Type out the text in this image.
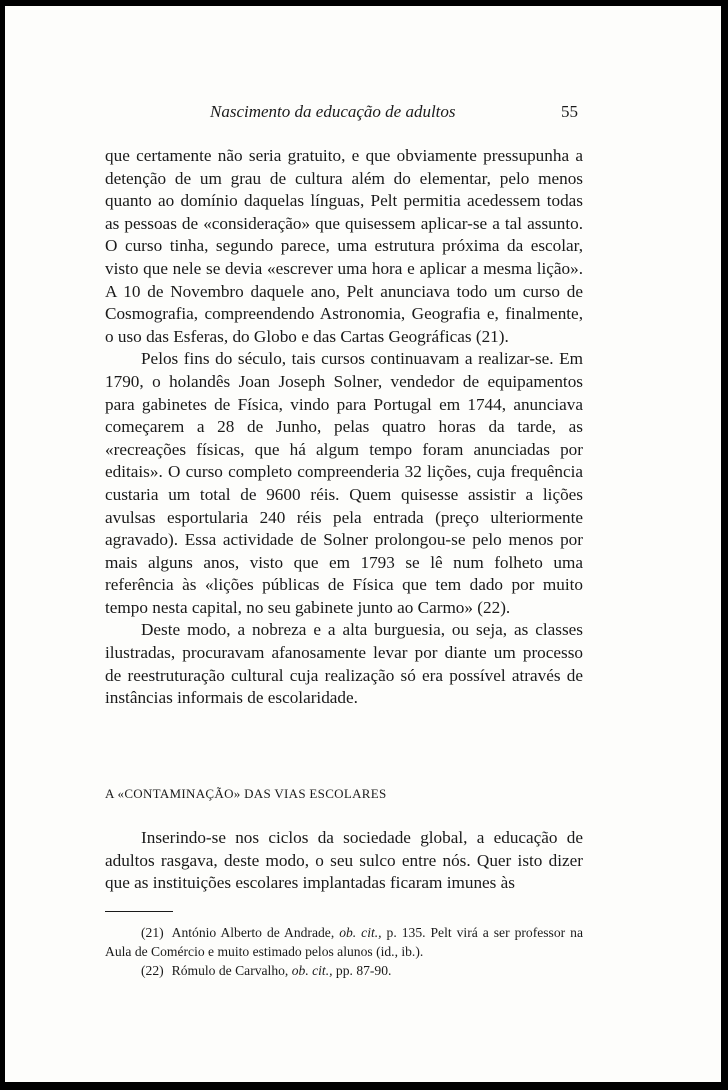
Nascimento da educação de adultos	55

que certamente não seria gratuito, e que obviamente pressupunha a detenção de um grau de cultura além do elementar, pelo menos quanto ao domínio daquelas línguas, Pelt permitia acedessem todas as pessoas de «consideração» que quisessem aplicar-se a tal assunto. O curso tinha, segundo parece, uma estrutura próxima da escolar, visto que nele se devia «escrever uma hora e aplicar a mesma lição». A 10 de Novembro daquele ano, Pelt anunciava todo um curso de Cosmografia, compreendendo Astronomia, Geografia e, finalmente, o uso das Esferas, do Globo e das Cartas Geográficas (21).

Pelos fins do século, tais cursos continuavam a realizar-se. Em 1790, o holandês Joan Joseph Solner, vendedor de equipamentos para gabinetes de Física, vindo para Portugal em 1744, anunciava começarem a 28 de Junho, pelas quatro horas da tarde, as «recreações físicas, que há algum tempo foram anunciadas por editais». O curso completo compreenderia 32 lições, cuja frequência custaria um total de 9600 réis. Quem quisesse assistir a lições avulsas esportularia 240 réis pela entrada (preço ulteriormente agravado). Essa actividade de Solner prolongou-se pelo menos por mais alguns anos, visto que em 1793 se lê num folheto uma referência às «lições públicas de Física que tem dado por muito tempo nesta capital, no seu gabinete junto ao Carmo» (22).

Deste modo, a nobreza e a alta burguesia, ou seja, as classes ilustradas, procuravam afanosamente levar por diante um processo de reestruturação cultural cuja realização só era possível através de instâncias informais de escolaridade.

A «CONTAMINAÇÃO» DAS VIAS ESCOLARES

Inserindo-se nos ciclos da sociedade global, a educação de adultos rasgava, deste modo, o seu sulco entre nós. Quer isto dizer que as instituições escolares implantadas ficaram imunes às

(21) António Alberto de Andrade, ob. cit., p. 135. Pelt virá a ser professor na Aula de Comércio e muito estimado pelos alunos (id., ib.).

(22) Rómulo de Carvalho, ob. cit., pp. 87-90.
